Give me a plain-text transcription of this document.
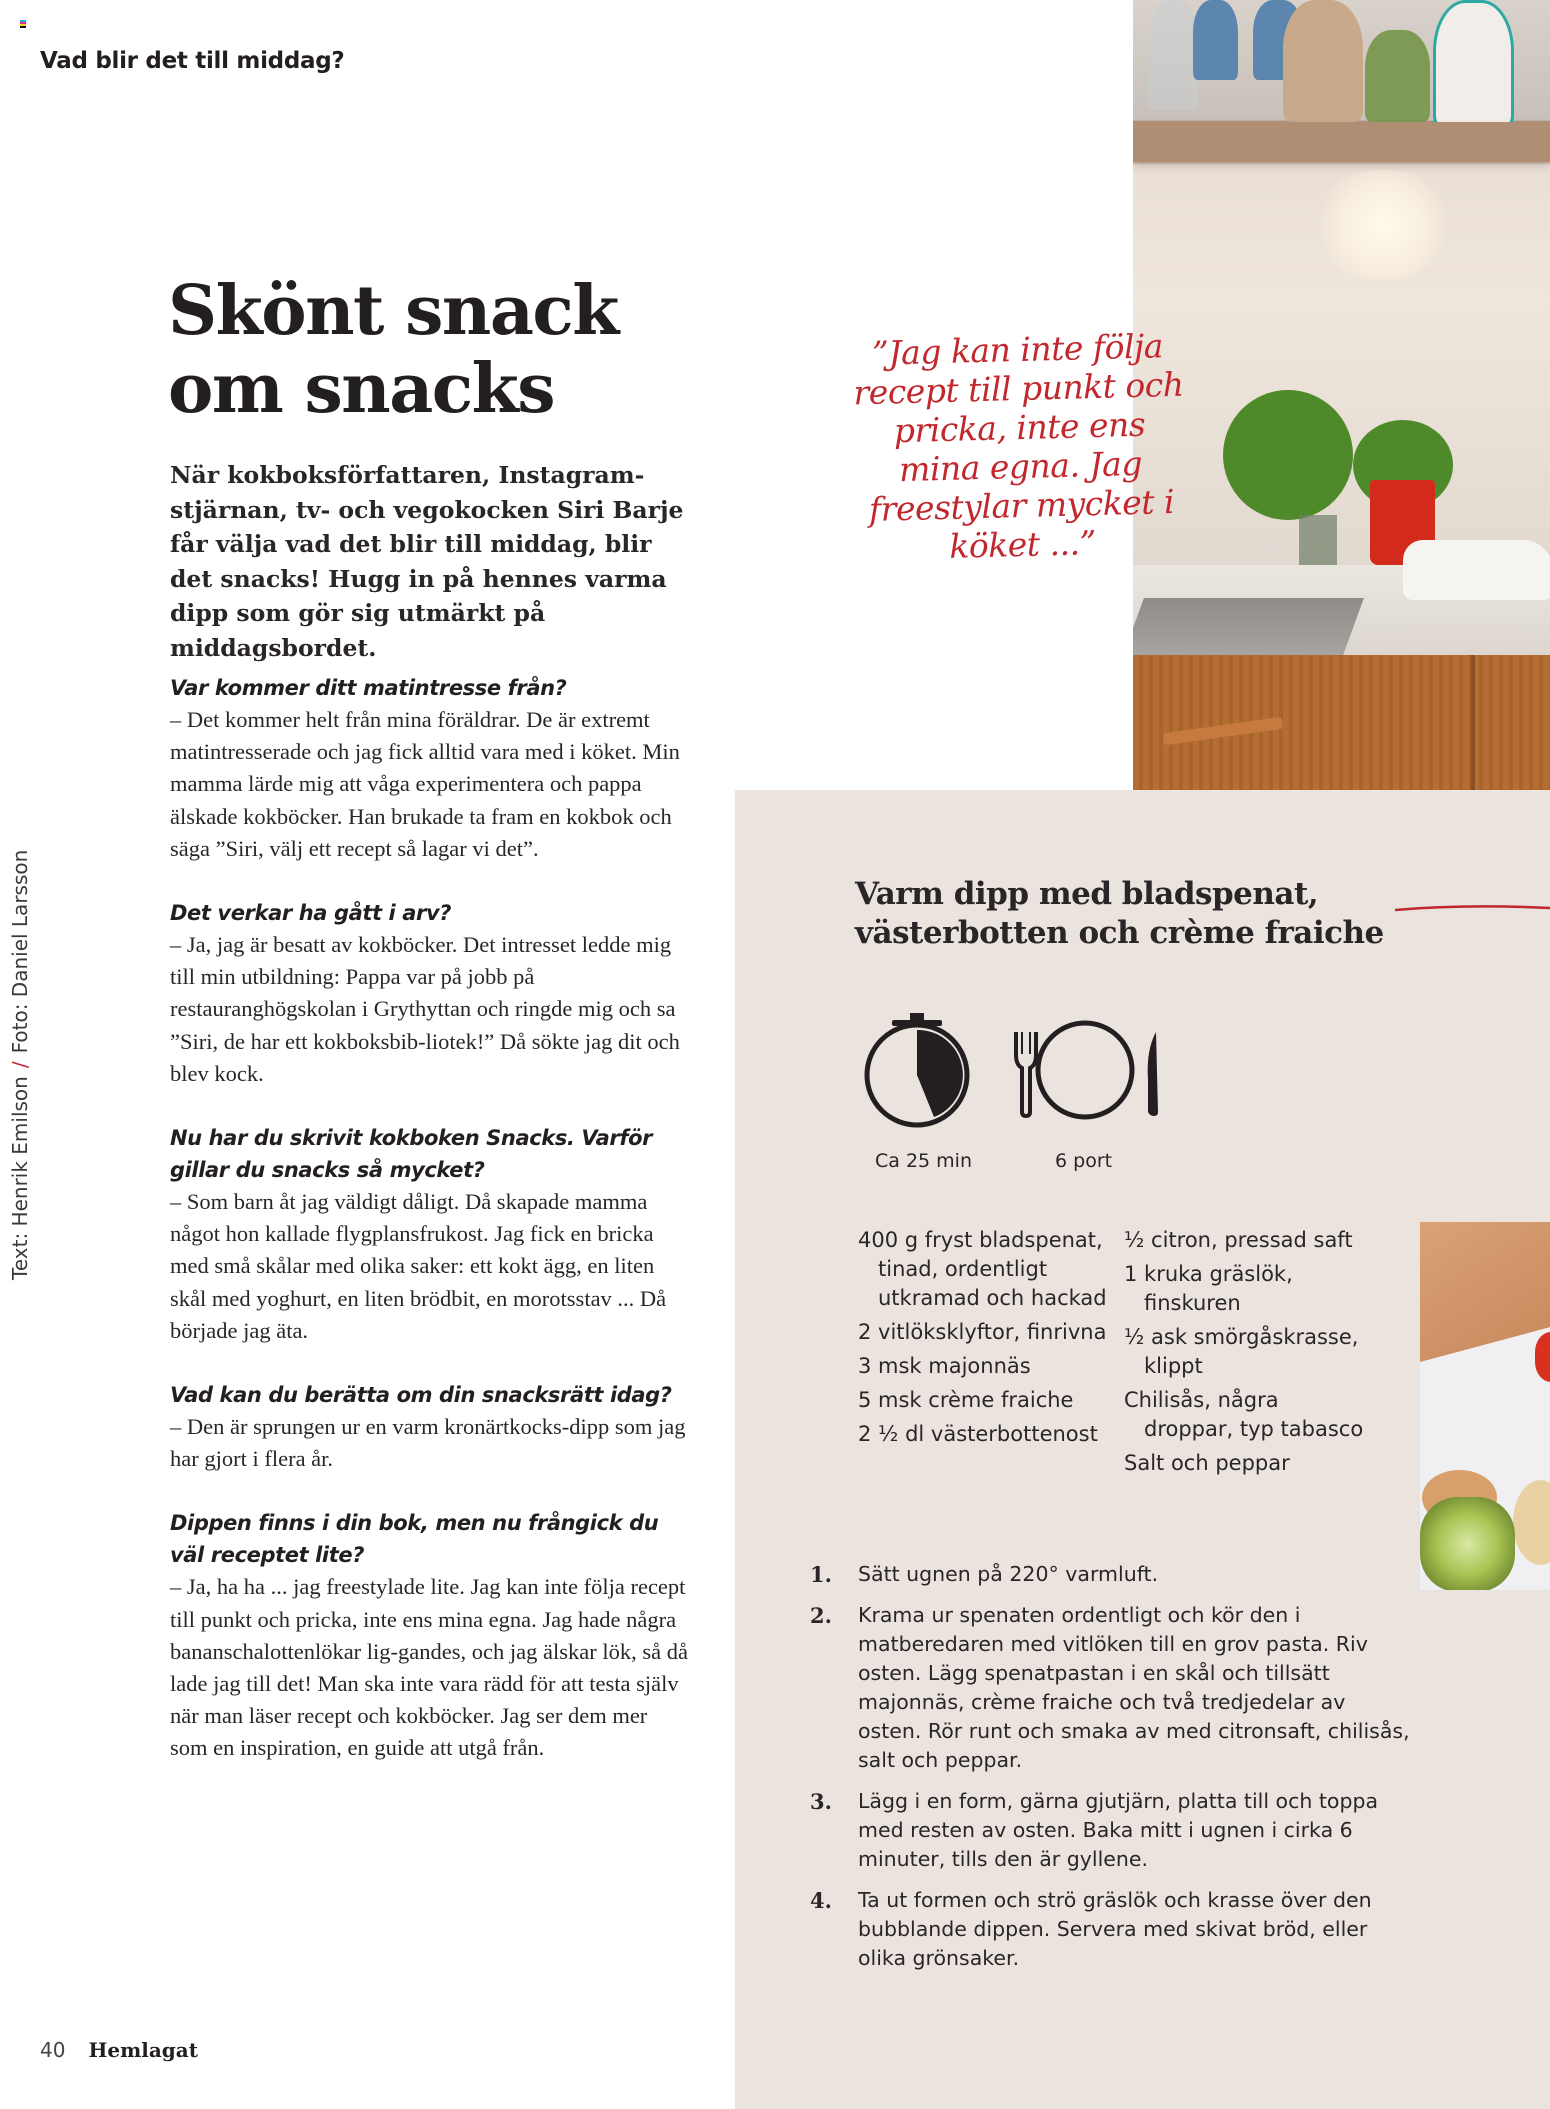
Vad blir det till middag?
Skönt snack
om snacks

När kokboksförfattaren, Instagram-stjärnan, tv- och vegokocken Siri Barje får välja vad det blir till middag, blir det snacks! Hugg in på hennes varma dipp som gör sig utmärkt på middagsbordet.

Var kommer ditt matintresse från?
– Det kommer helt från mina föräldrar. De är extremt matintresserade och jag fick alltid vara med i köket. Min mamma lärde mig att våga experimentera och pappa älskade kokböcker. Han brukade ta fram en kokbok och säga ”Siri, välj ett recept så lagar vi det”.
Det verkar ha gått i arv?
– Ja, jag är besatt av kokböcker. Det intresset ledde mig till min utbildning: Pappa var på jobb på restauranghögskolan i Grythyttan och ringde mig och sa ”Siri, de har ett kokboksbib-liotek!” Då sökte jag dit och blev kock.
Nu har du skrivit kokboken Snacks. Varför gillar du snacks så mycket?
– Som barn åt jag väldigt dåligt. Då skapade mamma något hon kallade flygplansfrukost. Jag fick en bricka med små skålar med olika saker: ett kokt ägg, en liten skål med yoghurt, en liten brödbit, en morotsstav ... Då började jag äta.
Vad kan du berätta om din snacksrätt idag?
– Den är sprungen ur en varm kronärtkocks-dipp som jag har gjort i flera år.
Dippen finns i din bok, men nu frångick du väl receptet lite?
– Ja, ha ha ... jag freestylade lite. Jag kan inte följa recept till punkt och pricka, inte ens mina egna. Jag hade några bananschalottenlökar lig-gandes, och jag älskar lök, så då lade jag till det! Man ska inte vara rädd för att testa själv när man läser recept och kokböcker. Jag ser dem mer som en inspiration, en guide att utgå från.
Text: Henrik Emilson/Foto: Daniel Larsson
”Jag kan inte följa recept till punkt och pricka, inte ens mina egna. Jag freestylar mycket i köket ...”
Varm dipp med bladspenat,
västerbotten och crème fraiche
Ca 25 min	6 port
400 g fryst bladspenat, tinad, ordentligt utkramad och hackad
2 vitlöksklyftor, finrivna
3 msk majonnäs
5 msk crème fraiche
2 ½ dl västerbottenost
½ citron, pressad saft
1 kruka gräslök, finskuren
½ ask smörgåskrasse, klippt
Chilisås, några droppar, typ tabasco
Salt och peppar
1.	Sätt ugnen på 220° varmluft.
2.	Krama ur spenaten ordentligt och kör den i matberedaren med vitlöken till en grov pasta. Riv osten. Lägg spenatpastan i en skål och tillsätt majonnäs, crème fraiche och två tredjedelar av osten. Rör runt och smaka av med citronsaft, chilisås, salt och peppar.
3.	Lägg i en form, gärna gjutjärn, platta till och toppa med resten av osten. Baka mitt i ugnen i cirka 6 minuter, tills den är gyllene.
4.	Ta ut formen och strö gräslök och krasse över den bubblande dippen. Servera med skivat bröd, eller olika grönsaker.
40 Hemlagat
